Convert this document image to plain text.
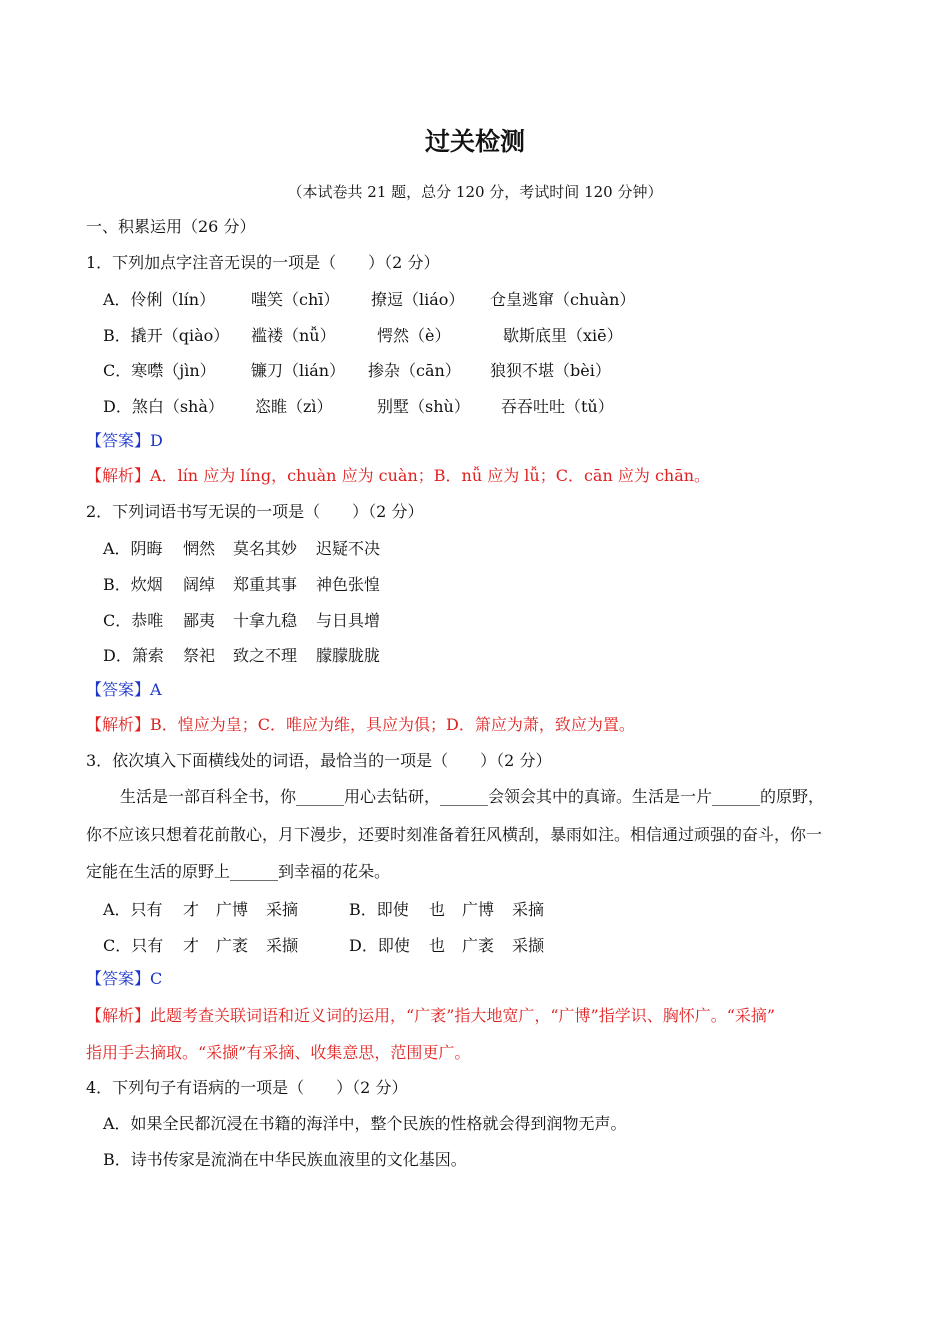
过关检测
（本试卷共 21 题，总分 120 分，考试时间 120 分钟）
一、积累运用（26 分）
1．下列加点字注音无误的一项是（　　）（2 分）
A．伶俐（lín） 嗤笑（chī） 撩逗（liáo） 仓皇逃窜（chuàn）
B．撬开（qiào） 褴褛（nǚ）	愕然（è）	歇斯底里（xiē）
C．寒噤（jìn） 镰刀（lián） 掺杂（cān） 狼狈不堪（bèi）
D．煞白（shà） 恣睢（zì）	别墅（shù） 吞吞吐吐（tǔ）
【答案】D
【解析】A．lín 应为 líng，chuàn 应为 cuàn；B．nǚ 应为 lǚ；C．cān 应为 chān。
2．下列词语书写无误的一项是（　　）（2 分）
A．阴晦 惘然 莫名其妙 迟疑不决
B．炊烟 阔绰 郑重其事 神色张惶
C．恭唯 鄙夷 十拿九稳 与日具增
D．箫索 祭祀 致之不理 朦朦胧胧
【答案】A
【解析】B．惶应为皇；C．唯应为维，具应为俱；D．箫应为萧，致应为置。
3．依次填入下面横线处的词语，最恰当的一项是（　　）（2 分）
生活是一部百科全书，你______用心去钻研，______会领会其中的真谛。生活是一片______的原野，
你不应该只想着花前散心，月下漫步，还要时刻准备着狂风横刮，暴雨如注。相信通过顽强的奋斗，你一
定能在生活的原野上______到幸福的花朵。
A．只有 才 广博 采摘	B．即使 也 广博 采摘
C．只有 才 广袤 采撷	D．即使 也 广袤 采撷
【答案】C
【解析】此题考查关联词语和近义词的运用，“广袤”指大地宽广，“广博”指学识、胸怀广。“采摘”
指用手去摘取。“采撷”有采摘、收集意思，范围更广。
4．下列句子有语病的一项是（　　）（2 分）
A．如果全民都沉浸在书籍的海洋中，整个民族的性格就会得到润物无声。
B．诗书传家是流淌在中华民族血液里的文化基因。
